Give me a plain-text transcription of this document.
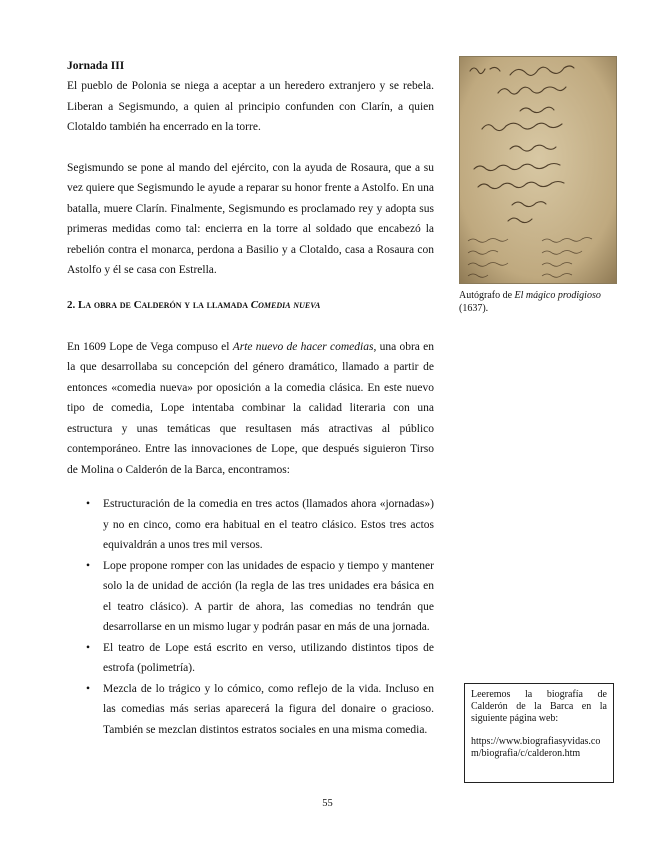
Jornada III

El pueblo de Polonia se niega a aceptar a un heredero extranjero y se rebela. Liberan a Segismundo, a quien al principio confunden con Clarín, a quien Clotaldo también ha encerrado en la torre.

Segismundo se pone al mando del ejército, con la ayuda de Rosaura, que a su vez quiere que Segismundo le ayude a reparar su honor frente a Astolfo. En una batalla, muere Clarín. Finalmente, Segismundo es proclamado rey y adopta sus primeras medidas como tal: encierra en la torre al soldado que encabezó la rebelión contra el monarca, perdona a Basilio y a Clotaldo, casa a Rosaura con Astolfo y él se casa con Estrella.

2. La obra de Calderón y la llamada Comedia nueva

En 1609 Lope de Vega compuso el Arte nuevo de hacer comedias, una obra en la que desarrollaba su concepción del género dramático, llamado a partir de entonces «comedia nueva» por oposición a la comedia clásica. En este nuevo tipo de comedia, Lope intentaba combinar la calidad literaria con una estructura y unas temáticas que resultasen más atractivas al público contemporáneo. Entre las innovaciones de Lope, que después siguieron Tirso de Molina o Calderón de la Barca, encontramos:

• Estructuración de la comedia en tres actos (llamados ahora «jornadas») y no en cinco, como era habitual en el teatro clásico. Estos tres actos equivaldrán a unos tres mil versos.
• Lope propone romper con las unidades de espacio y tiempo y mantener solo la de unidad de acción (la regla de las tres unidades era básica en el teatro clásico). A partir de ahora, las comedias no tendrán que desarrollarse en un mismo lugar y podrán pasar en más de una jornada.
• El teatro de Lope está escrito en verso, utilizando distintos tipos de estrofa (polimetría).
• Mezcla de lo trágico y lo cómico, como reflejo de la vida. Incluso en las comedias más serias aparecerá la figura del donaire o gracioso. También se mezclan distintos estratos sociales en una misma comedia.
Autógrafo de El mágico prodigioso (1637).
Leeremos la biografía de Calderón de la Barca en la siguiente página web:
https://www.biografiasyvidas.com/biografia/c/calderon.htm
55
